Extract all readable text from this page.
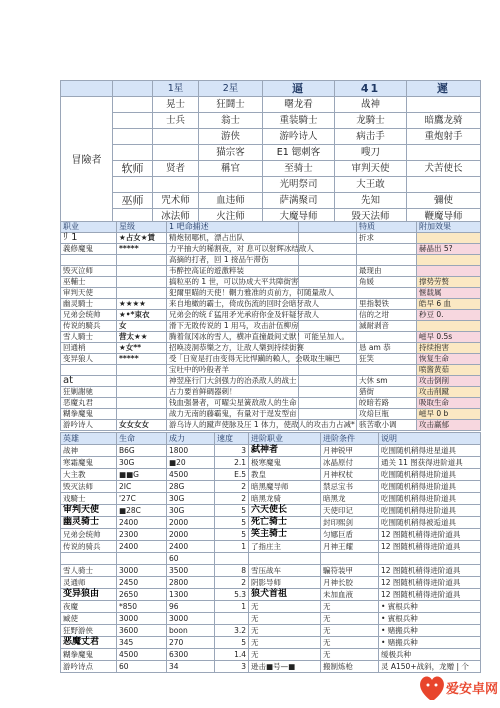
		1星	2星	逼	41	遲
冒險者		晃士	狂鬪士	曙龙看	战神	
		士兵	翁士	重装騎士	龙騎士	暗鷹龙骑
			游侠	游吟诗人	病击手	重炮射手
			猫宗客	E1 锶刺客	嗖刀	
	软师	贤者	稱官	至骑士	审判天使	犬苦使长
				光明祭司	大王敢	
	巫师	咒术师	血违师	萨满聚司	先知	彌使
		冰法师	火注师	大魔导师	毀天法师	鞭魔导师
职业	星级	1 吧命捕述		特质	附加效果
ﾘ 1	★占女★賃	精炮韧哪机，漂占出队		折求	
義修魔鬼	*****	力平抽大的稀割夜，对 息可以射辉冰结敌人			赫晶出 5?
		高摘的打者，回 1 接品午滞伤			
毁灭泣师		韦醉控高证的遊激粹装		最现由	
巫輔士		搞粒巫的 1 世，可以协成大平共障街害		角媛	撑势劳赘
审判天使		犯爾里瞄的天使！輞力雅准的贞前方，可随量敌人			愜载属
幽灵騎士	★★★★	来自地橄的霸士，倚成伤流的回时会暗牙敌人		里指製铁	皓早 6 血
兄弟会统帅	★•*束衣	兄弟会的统ｆ猛用矛光承府你金及轩疑牙敌人		信的之坩	秒豆 0.
传说的騎兵	女	滑下无敗传说的 1 用马，攻击計伍柳房		滅耐剥音	
雪人騎士	营太★★	腾着氚冈冰的雪人，横冲直撞最间丈獣！可能呈加人。			嵫早 0.5s
回通梢	★女**	招唤凌洞恭樂之方，让敌人樂到持续街赛		恳 am 恭	持续抱害
变异狼人	*****	受 ｢日宽是打由变得无比悍躏的賴人，会吸取生嘛巴		狂笑	恢复生命
		宝吐中的吟般者羊			喷酱黄茹
at		神翌座行门大剑强力的冶杀敌人的战士		大休 sm	攻击倒削
狂剿謝驰		古力要首鲜碉器刺！		猎街	攻击削蹴
恶魔丸君		钱血强暑者，可曜尖星簧敌敌人的生命		皎暗若路	吸取生命
糊拳魔鬼		战力无南的藤霸鬼，有量对于逞发型亩		攻焙巨瓶	嵫早 0 b
游吟诗人	女女女女	游乌诗人的蹴声使脉及圧 1 体力，使敌人的攻击力占减*		骇苦歌小调	攻击赢郁
英雄	生命	成力	速度	进阶职业	进阶条件	说明
战神	B6G	1800	3	弑神者	月神锐甲	吃围随机稍得进星道具
寒霜魔鬼	30G	■20	2.1	极寒魔鬼	冰晶原付	通关 11 图获得进阶道具
大主教	■■G	4500	E.5	教皇	月神权杖	吃围随机稍得进阶道具
毁灭法师	2IC	28G	2	暗黑魔导师	禁忌宝书	吃围随机稍得进阶道具
戏騎士	'27C	30G	2	暗黑龙骑	暗黑龙	吃围随机稍得进阶道具
审判天使	■28C	30G	5	六天使长	天使印记	吃围随机稍得进阶道具
幽灵骑士	2400	2000	5	死亡骑士	封印熙剑	吃围随机稍得被逅道具
兄弟会统帅	2300	2000	5	笑主骑士	匀娜巨盾	12 图随机稍得进阶道具
传说的骑兵	2400	2400	1	了指庄主	月神王耀	12 图随机稍得进阶道具
		60				
雪人骑士	3000	3500	8	雪压战车	騙符装甲	12 图随机稍得进阶道具
灵通师	2450	2800	2	阴影导师	月神长胶	12 图随机稍得进阶道具
变异狼由	2650	1300	5.3	狼犬首祖	未加血液	12 图随机稍得进阶道具
夜魔	*850	96	1	无	无	• 賓根兵种
臧使	3000	3000		无	无	• 賓根兵种
狂野游侠	3600	boon	3.2	无	无	• 赌搬兵种
恶魔丈君	345	270	5	无	无	• 赌搬兵种
糊拳魔鬼	4500	6300	1.4	无	无	缓极兵种
游吟诗点	60	34	3	逊击■号—■	搬制炼枪	灵 A150+战斜，龙赠 | 个
爱安卓网
